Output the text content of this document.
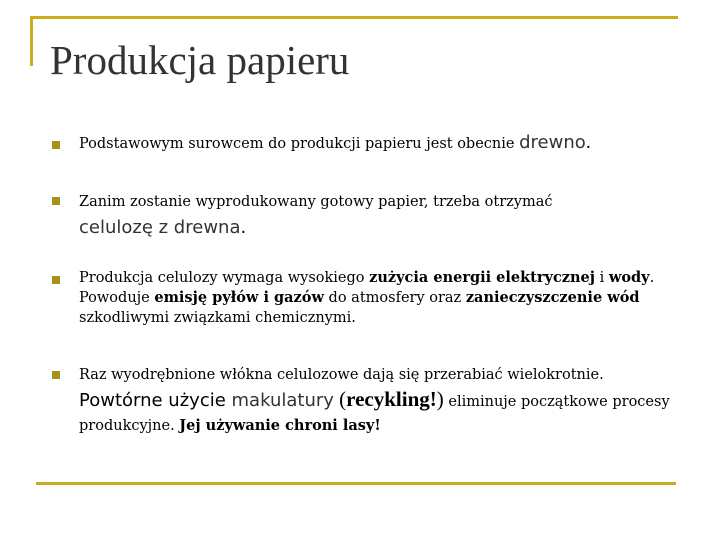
Produkcja papieru
Podstawowym surowcem do produkcji papieru jest obecnie drewno.
Zanim zostanie wyprodukowany gotowy papier, trzeba otrzymać
celulozę z drewna.
Produkcja celulozy wymaga wysokiego zużycia energii elektrycznej i wody. Powoduje emisję pyłów i gazów do atmosfery oraz zanieczyszczenie wód szkodliwymi związkami chemicznymi.
Raz wyodrębnione włókna celulozowe dają się przerabiać wielokrotnie. Powtórne użycie makulatury (recykling!) eliminuje początkowe procesy produkcyjne. Jej używanie chroni lasy!
